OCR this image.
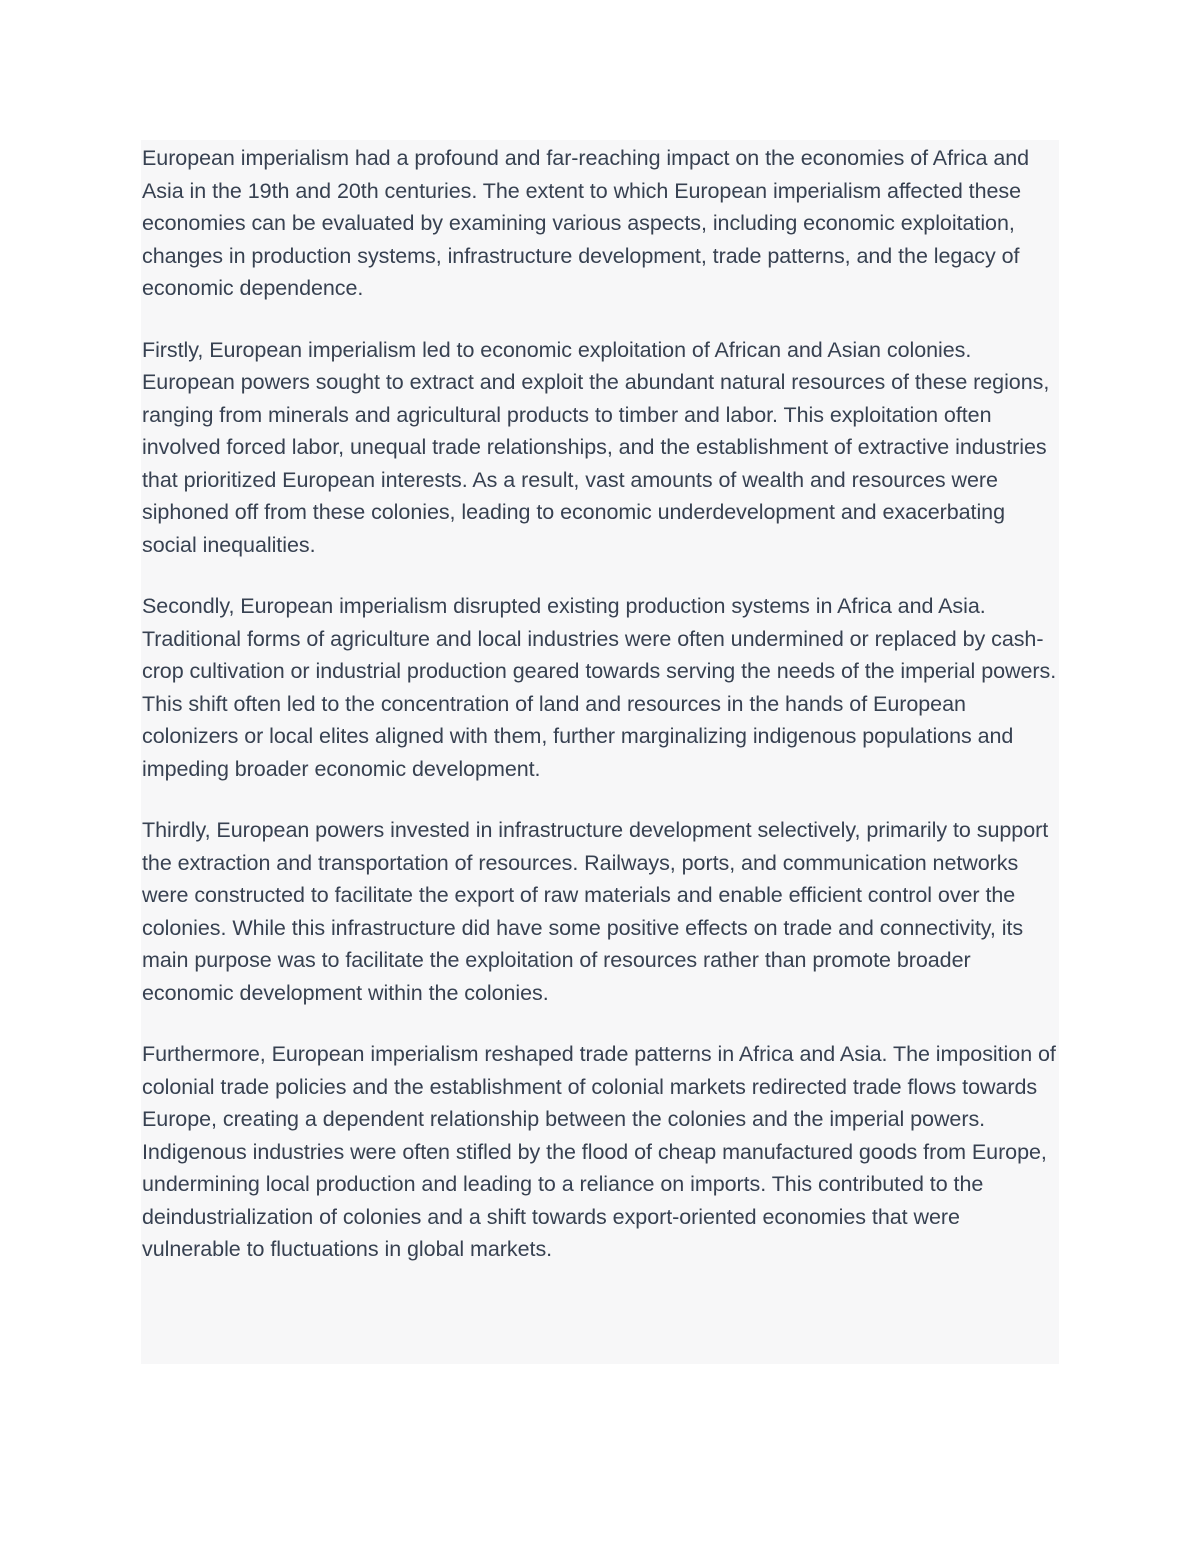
European imperialism had a profound and far-reaching impact on the economies of Africa and Asia in the 19th and 20th centuries. The extent to which European imperialism affected these economies can be evaluated by examining various aspects, including economic exploitation, changes in production systems, infrastructure development, trade patterns, and the legacy of economic dependence.

Firstly, European imperialism led to economic exploitation of African and Asian colonies. European powers sought to extract and exploit the abundant natural resources of these regions, ranging from minerals and agricultural products to timber and labor. This exploitation often involved forced labor, unequal trade relationships, and the establishment of extractive industries that prioritized European interests. As a result, vast amounts of wealth and resources were siphoned off from these colonies, leading to economic underdevelopment and exacerbating social inequalities.

Secondly, European imperialism disrupted existing production systems in Africa and Asia. Traditional forms of agriculture and local industries were often undermined or replaced by cash-crop cultivation or industrial production geared towards serving the needs of the imperial powers. This shift often led to the concentration of land and resources in the hands of European colonizers or local elites aligned with them, further marginalizing indigenous populations and impeding broader economic development.

Thirdly, European powers invested in infrastructure development selectively, primarily to support the extraction and transportation of resources. Railways, ports, and communication networks were constructed to facilitate the export of raw materials and enable efficient control over the colonies. While this infrastructure did have some positive effects on trade and connectivity, its main purpose was to facilitate the exploitation of resources rather than promote broader economic development within the colonies.

Furthermore, European imperialism reshaped trade patterns in Africa and Asia. The imposition of colonial trade policies and the establishment of colonial markets redirected trade flows towards Europe, creating a dependent relationship between the colonies and the imperial powers. Indigenous industries were often stifled by the flood of cheap manufactured goods from Europe, undermining local production and leading to a reliance on imports. This contributed to the deindustrialization of colonies and a shift towards export-oriented economies that were vulnerable to fluctuations in global markets.
